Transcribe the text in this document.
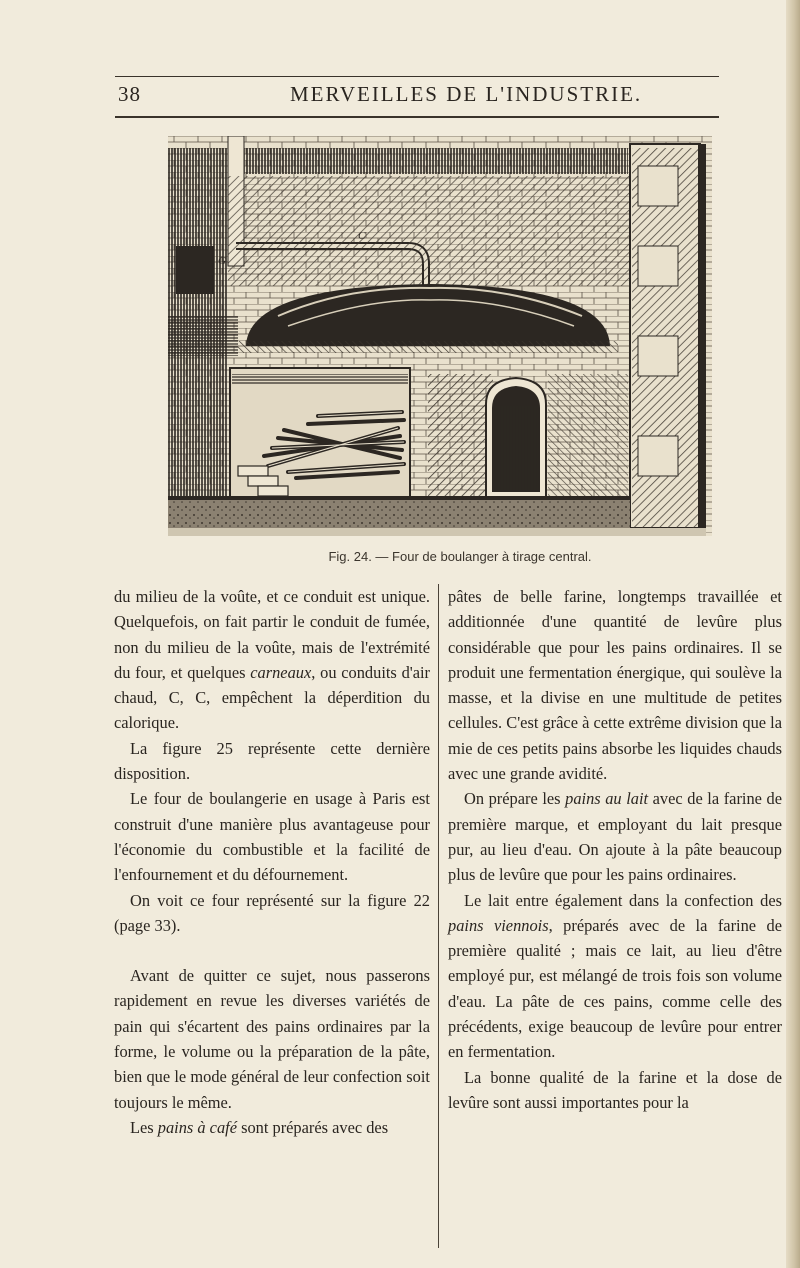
38	MERVEILLES DE L'INDUSTRIE.
G
Fig. 24. — Four de boulanger à tirage central.

du milieu de la voûte, et ce conduit est unique. Quelquefois, on fait partir le conduit de fumée, non du milieu de la voûte, mais de l'extrémité du four, et quelques carneaux, ou conduits d'air chaud, C, C, empêchent la déperdition du calorique.

La figure 25 représente cette dernière disposition.

Le four de boulangerie en usage à Paris est construit d'une manière plus avantageuse pour l'économie du combustible et la facilité de l'enfournement et du défournement.

On voit ce four représenté sur la figure 22 (page 33).

Avant de quitter ce sujet, nous passerons rapidement en revue les diverses variétés de pain qui s'écartent des pains ordinaires par la forme, le volume ou la préparation de la pâte, bien que le mode général de leur confection soit toujours le même.

Les pains à café sont préparés avec des

pâtes de belle farine, longtemps travaillée et additionnée d'une quantité de levûre plus considérable que pour les pains ordinaires. Il se produit une fermentation énergique, qui soulève la masse, et la divise en une multitude de petites cellules. C'est grâce à cette extrême division que la mie de ces petits pains absorbe les liquides chauds avec une grande avidité.

On prépare les pains au lait avec de la farine de première marque, et employant du lait presque pur, au lieu d'eau. On ajoute à la pâte beaucoup plus de levûre que pour les pains ordinaires.

Le lait entre également dans la confection des pains viennois, préparés avec de la farine de première qualité ; mais ce lait, au lieu d'être employé pur, est mélangé de trois fois son volume d'eau. La pâte de ces pains, comme celle des précédents, exige beaucoup de levûre pour entrer en fermentation.

La bonne qualité de la farine et la dose de levûre sont aussi importantes pour la
